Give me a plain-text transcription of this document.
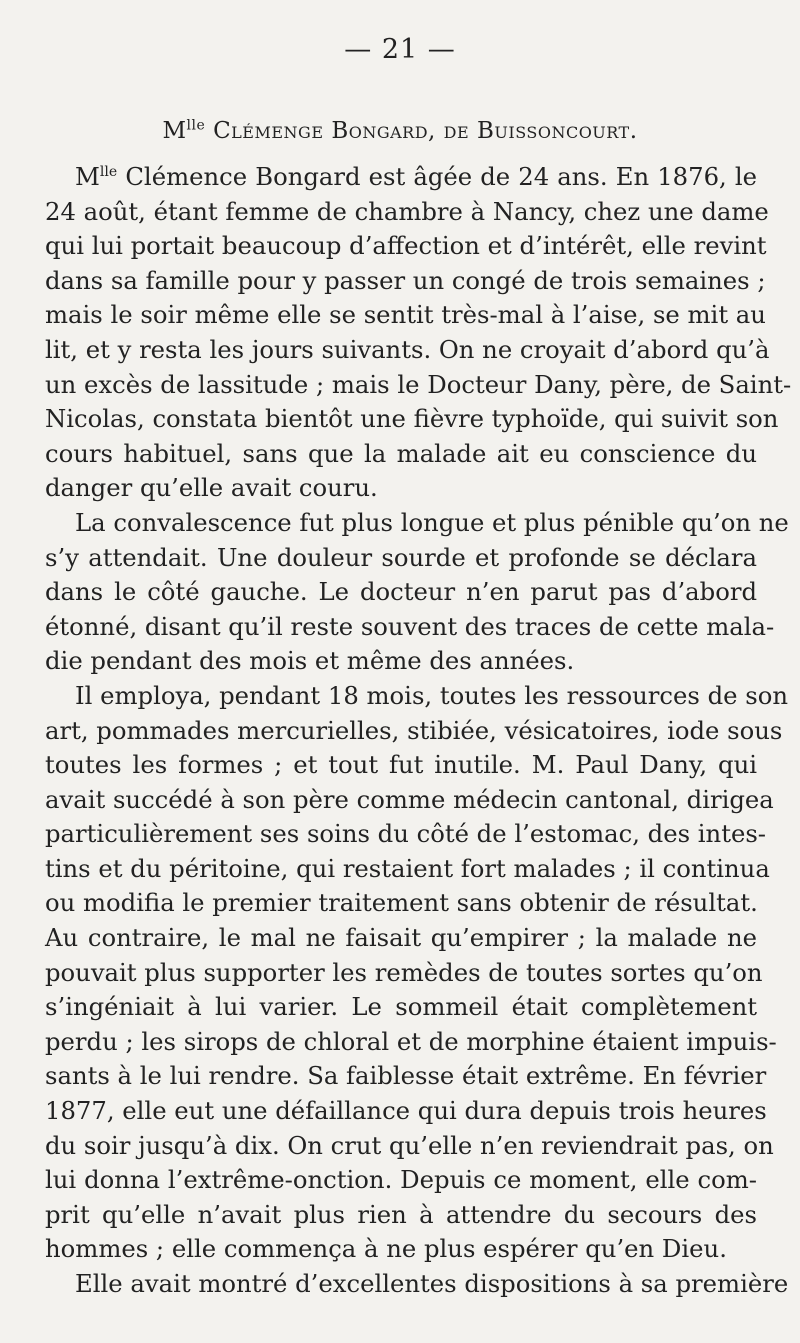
— 21 —
$M^{lle}$ Clémenge Bongard, de Buissoncourt.
$M^{lle}$ Clémence Bongard est âgée de 24 ans. En 1876, le
24 août, étant femme de chambre à Nancy, chez une dame
qui lui portait beaucoup d’affection et d’intérêt, elle revint
dans sa famille pour y passer un congé de trois semaines ;
mais le soir même elle se sentit très-mal à l’aise, se mit au
lit, et y resta les jours suivants. On ne croyait d’abord qu’à
un excès de lassitude ; mais le Docteur Dany, père, de Saint-
Nicolas, constata bientôt une fièvre typhoïde, qui suivit son
cours habituel, sans que la malade ait eu conscience du
danger qu’elle avait couru.
La convalescence fut plus longue et plus pénible qu’on ne
s’y attendait. Une douleur sourde et profonde se déclara
dans le côté gauche. Le docteur n’en parut pas d’abord
étonné, disant qu’il reste souvent des traces de cette mala-
die pendant des mois et même des années.
Il employa, pendant 18 mois, toutes les ressources de son
art, pommades mercurielles, stibiée, vésicatoires, iode sous
toutes les formes ; et tout fut inutile. M. Paul Dany, qui
avait succédé à son père comme médecin cantonal, dirigea
particulièrement ses soins du côté de l’estomac, des intes-
tins et du péritoine, qui restaient fort malades ; il continua
ou modifia le premier traitement sans obtenir de résultat.
Au contraire, le mal ne faisait qu’empirer ; la malade ne
pouvait plus supporter les remèdes de toutes sortes qu’on
s’ingéniait à lui varier. Le sommeil était complètement
perdu ; les sirops de chloral et de morphine étaient impuis-
sants à le lui rendre. Sa faiblesse était extrême. En février
1877, elle eut une défaillance qui dura depuis trois heures
du soir jusqu’à dix. On crut qu’elle n’en reviendrait pas, on
lui donna l’extrême-onction. Depuis ce moment, elle com-
prit qu’elle n’avait plus rien à attendre du secours des
hommes ; elle commença à ne plus espérer qu’en Dieu.
Elle avait montré d’excellentes dispositions à sa première
